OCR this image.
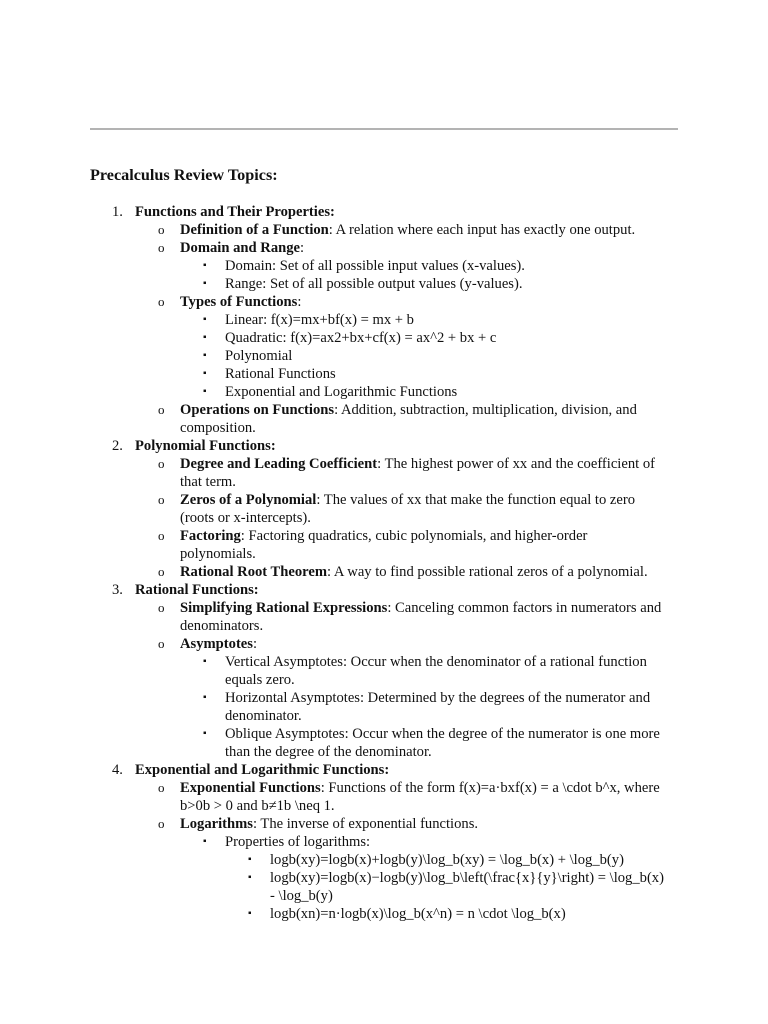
Precalculus Review Topics:
1. Functions and Their Properties:
o Definition of a Function: A relation where each input has exactly one output.
o Domain and Range:
▪ Domain: Set of all possible input values (x-values).
▪ Range: Set of all possible output values (y-values).
o Types of Functions:
▪ Linear: f(x)=mx+bf(x) = mx + b
▪ Quadratic: f(x)=ax2+bx+cf(x) = ax^2 + bx + c
▪ Polynomial
▪ Rational Functions
▪ Exponential and Logarithmic Functions
o Operations on Functions: Addition, subtraction, multiplication, division, and
composition.
2. Polynomial Functions:
o Degree and Leading Coefficient: The highest power of xx and the coefficient of
that term.
o Zeros of a Polynomial: The values of xx that make the function equal to zero
(roots or x-intercepts).
o Factoring: Factoring quadratics, cubic polynomials, and higher-order
polynomials.
o Rational Root Theorem: A way to find possible rational zeros of a polynomial.
3. Rational Functions:
o Simplifying Rational Expressions: Canceling common factors in numerators and
denominators.
o Asymptotes:
▪ Vertical Asymptotes: Occur when the denominator of a rational function
equals zero.
▪ Horizontal Asymptotes: Determined by the degrees of the numerator and
denominator.
▪ Oblique Asymptotes: Occur when the degree of the numerator is one more
than the degree of the denominator.
4. Exponential and Logarithmic Functions:
o Exponential Functions: Functions of the form f(x)=a·bxf(x) = a \cdot b^x, where
b>0b > 0 and b≠1b \neq 1.
o Logarithms: The inverse of exponential functions.
▪ Properties of logarithms:
▪ logb(xy)=logb(x)+logb(y)\log_b(xy) = \log_b(x) + \log_b(y)
▪ logb(xy)=logb(x)−logb(y)\log_b\left(\frac{x}{y}\right) = \log_b(x)
- \log_b(y)
▪ logb(xn)=n·logb(x)\log_b(x^n) = n \cdot \log_b(x)
